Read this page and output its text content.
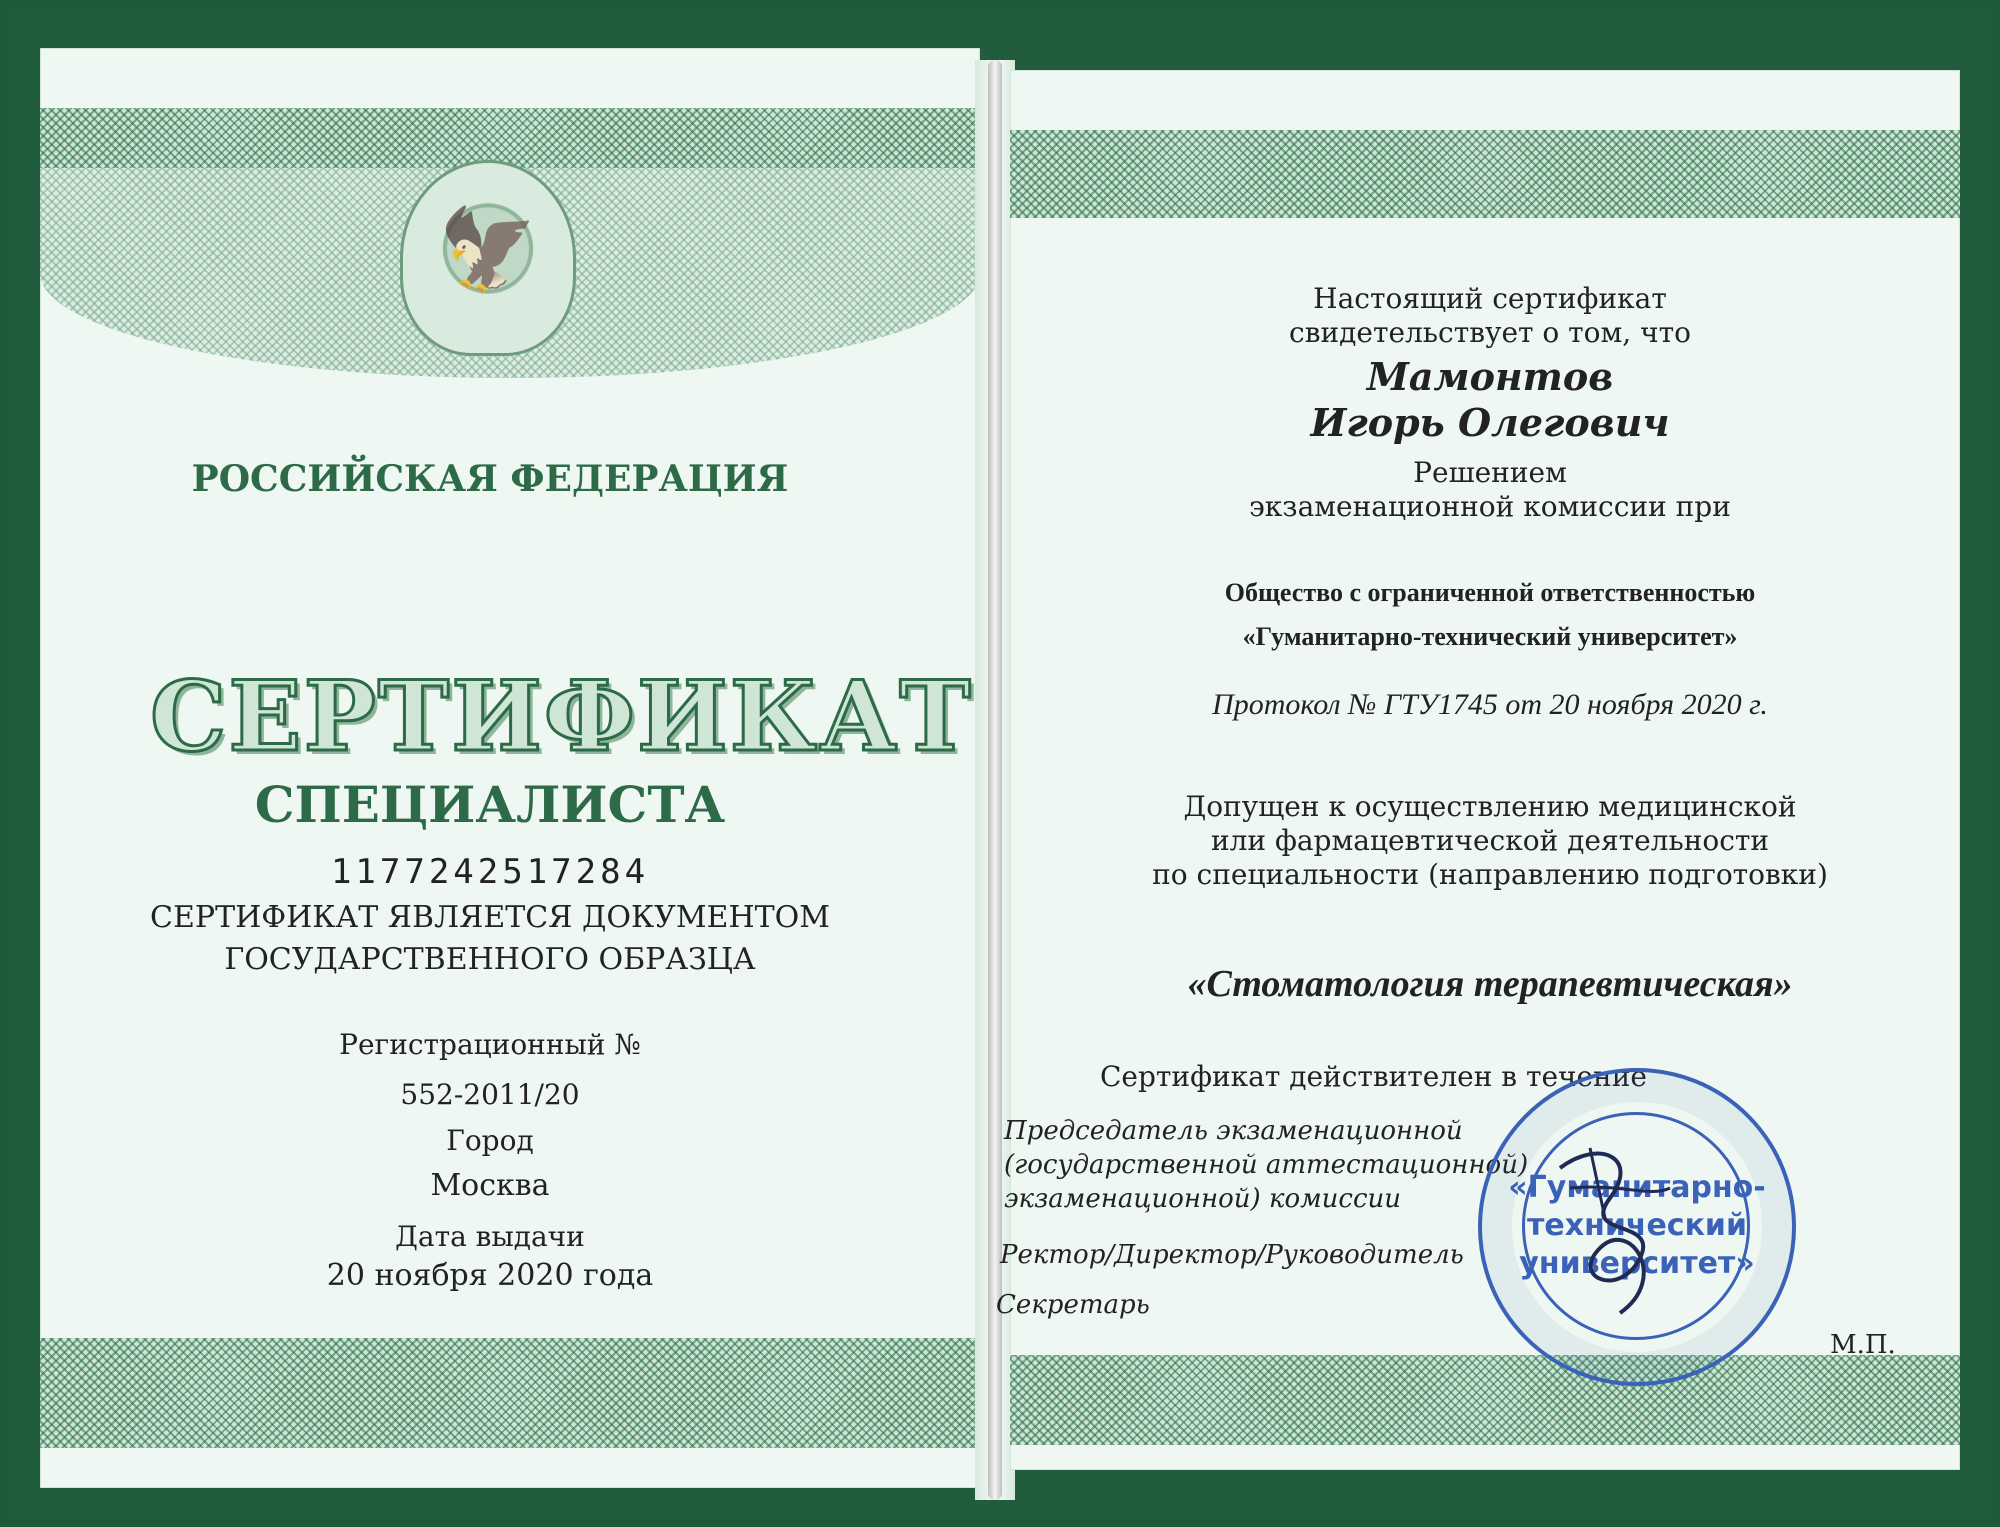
🦅
РОССИЙСКАЯ ФЕДЕРАЦИЯ
СЕРТИФИКАТ
СПЕЦИАЛИСТА
1177242517284
СЕРТИФИКАТ ЯВЛЯЕТСЯ ДОКУМЕНТОМ
ГОСУДАРСТВЕННОГО ОБРАЗЦА
Регистрационный №
552-2011/20
Город
Москва
Дата выдачи
20 ноября 2020 года
Настоящий сертификат
свидетельствует о том, что
Мамонтов
Игорь Олегович
Решением
экзаменационной комиссии при
Общество с ограниченной ответственностью
«Гуманитарно-технический университет»
Протокол № ГТУ1745 от 20 ноября 2020 г.
Допущен к осуществлению медицинской
или фармацевтической деятельности
по специальности (направлению подготовки)
«Стоматология терапевтическая»
Сертификат действителен в течение
Председатель экзаменационной
(государственной аттестационной)
экзаменационной) комиссии
Ректор/Директор/Руководитель
Секретарь
М.П.
«Гуманитарно-
технический
университет»
